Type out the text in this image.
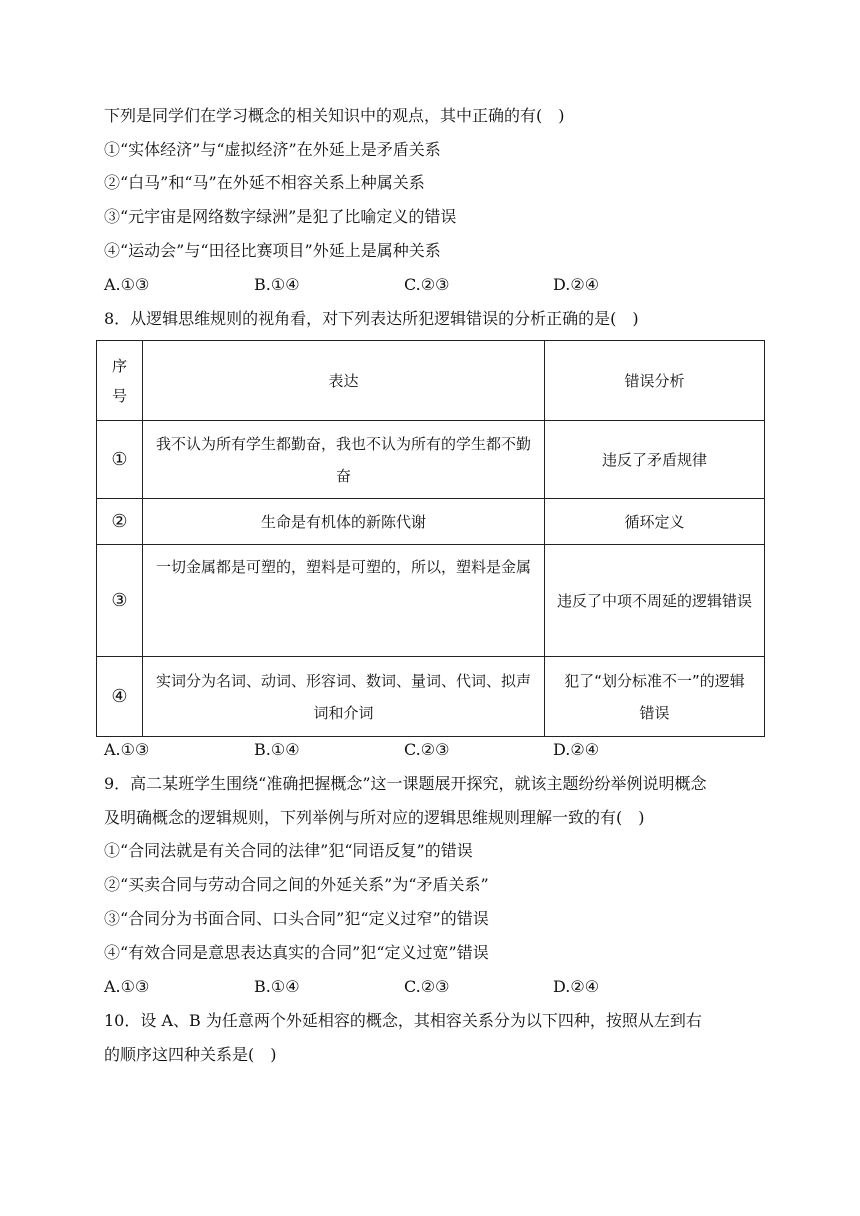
下列是同学们在学习概念的相关知识中的观点，其中正确的有(　)
①“实体经济”与“虚拟经济”在外延上是矛盾关系
②“白马”和“马”在外延不相容关系上种属关系
③“元宇宙是网络数字绿洲”是犯了比喻定义的错误
④“运动会”与“田径比赛项目”外延上是属种关系
A.①③	B.①④	C.②③	D.②④
8．从逻辑思维规则的视角看，对下列表达所犯逻辑错误的分析正确的是(　)
序号	表达	错误分析
①	我不认为所有学生都勤奋，我也不认为所有的学生都不勤奋	违反了矛盾规律
②	生命是有机体的新陈代谢	循环定义
③	一切金属都是可塑的，塑料是可塑的，所以，塑料是金属	违反了中项不周延的逻辑错误
④	实词分为名词、动词、形容词、数词、量词、代词、拟声词和介词	犯了“划分标准不一”的逻辑错误
A.①③	B.①④	C.②③	D.②④
9．高二某班学生围绕“准确把握概念”这一课题展开探究，就该主题纷纷举例说明概念
及明确概念的逻辑规则，下列举例与所对应的逻辑思维规则理解一致的有(　)
①“合同法就是有关合同的法律”犯“同语反复”的错误
②“买卖合同与劳动合同之间的外延关系”为“矛盾关系”
③“合同分为书面合同、口头合同”犯“定义过窄”的错误
④“有效合同是意思表达真实的合同”犯“定义过宽”错误
A.①③	B.①④	C.②③	D.②④
10．设 A、B 为任意两个外延相容的概念，其相容关系分为以下四种，按照从左到右
的顺序这四种关系是(　)
